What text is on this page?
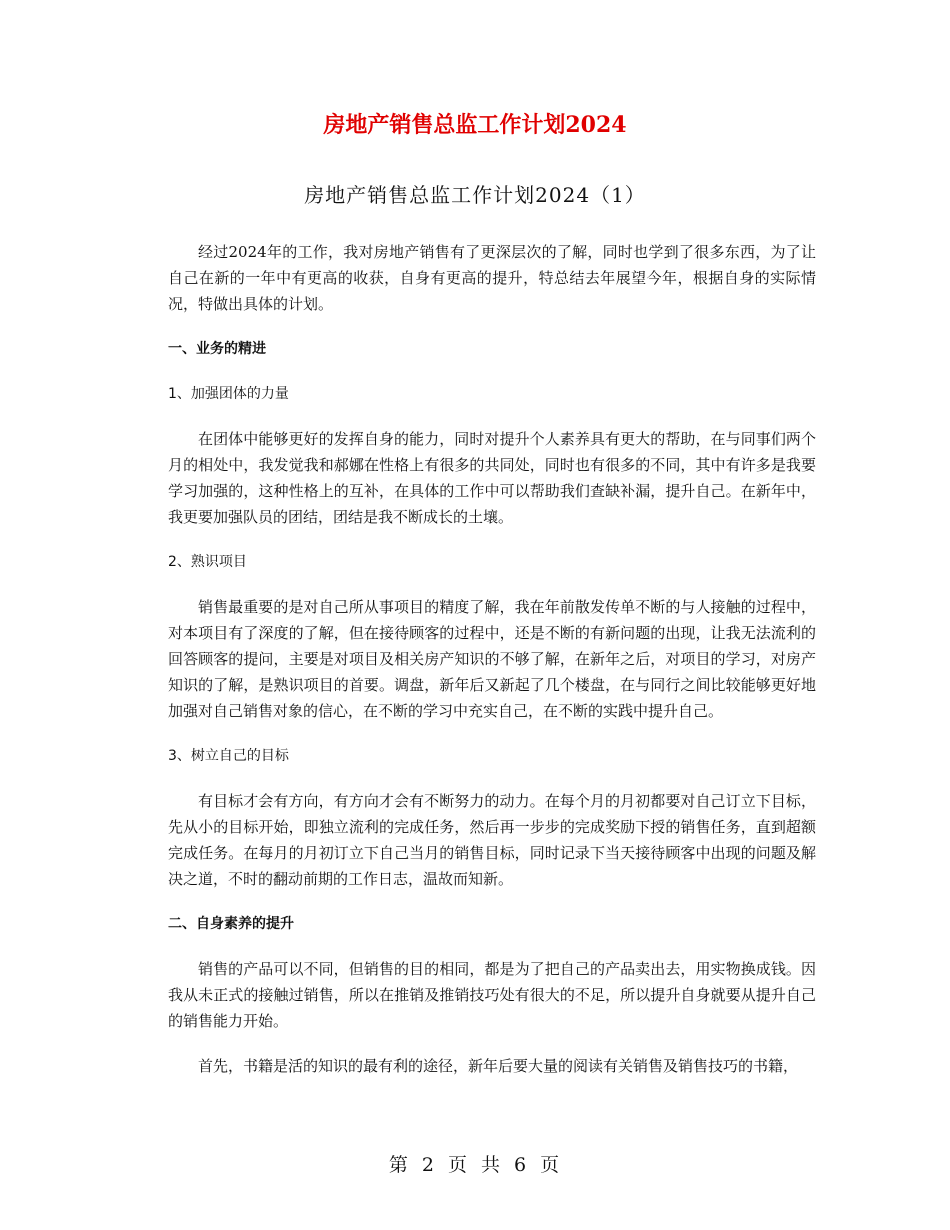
房地产销售总监工作计划2024
房地产销售总监工作计划2024（1）

经过2024年的工作，我对房地产销售有了更深层次的了解，同时也学到了很多东西，为了让自己在新的一年中有更高的收获，自身有更高的提升，特总结去年展望今年，根据自身的实际情况，特做出具体的计划。

一、业务的精进

1、加强团体的力量

在团体中能够更好的发挥自身的能力，同时对提升个人素养具有更大的帮助，在与同事们两个月的相处中，我发觉我和郝娜在性格上有很多的共同处，同时也有很多的不同，其中有许多是我要学习加强的，这种性格上的互补，在具体的工作中可以帮助我们查缺补漏，提升自己。在新年中，我更要加强队员的团结，团结是我不断成长的土壤。

2、熟识项目

销售最重要的是对自己所从事项目的精度了解，我在年前散发传单不断的与人接触的过程中，对本项目有了深度的了解，但在接待顾客的过程中，还是不断的有新问题的出现，让我无法流利的回答顾客的提问，主要是对项目及相关房产知识的不够了解，在新年之后，对项目的学习，对房产知识的了解，是熟识项目的首要。调盘，新年后又新起了几个楼盘，在与同行之间比较能够更好地加强对自己销售对象的信心，在不断的学习中充实自己，在不断的实践中提升自己。

3、树立自己的目标

有目标才会有方向，有方向才会有不断努力的动力。在每个月的月初都要对自己订立下目标，先从小的目标开始，即独立流利的完成任务，然后再一步步的完成奖励下授的销售任务，直到超额完成任务。在每月的月初订立下自己当月的销售目标，同时记录下当天接待顾客中出现的问题及解决之道，不时的翻动前期的工作日志，温故而知新。

二、自身素养的提升

销售的产品可以不同，但销售的目的相同，都是为了把自己的产品卖出去，用实物换成钱。因我从未正式的接触过销售，所以在推销及推销技巧处有很大的不足，所以提升自身就要从提升自己的销售能力开始。

首先，书籍是活的知识的最有利的途径，新年后要大量的阅读有关销售及销售技巧的书籍，

第 2 页 共 6 页
